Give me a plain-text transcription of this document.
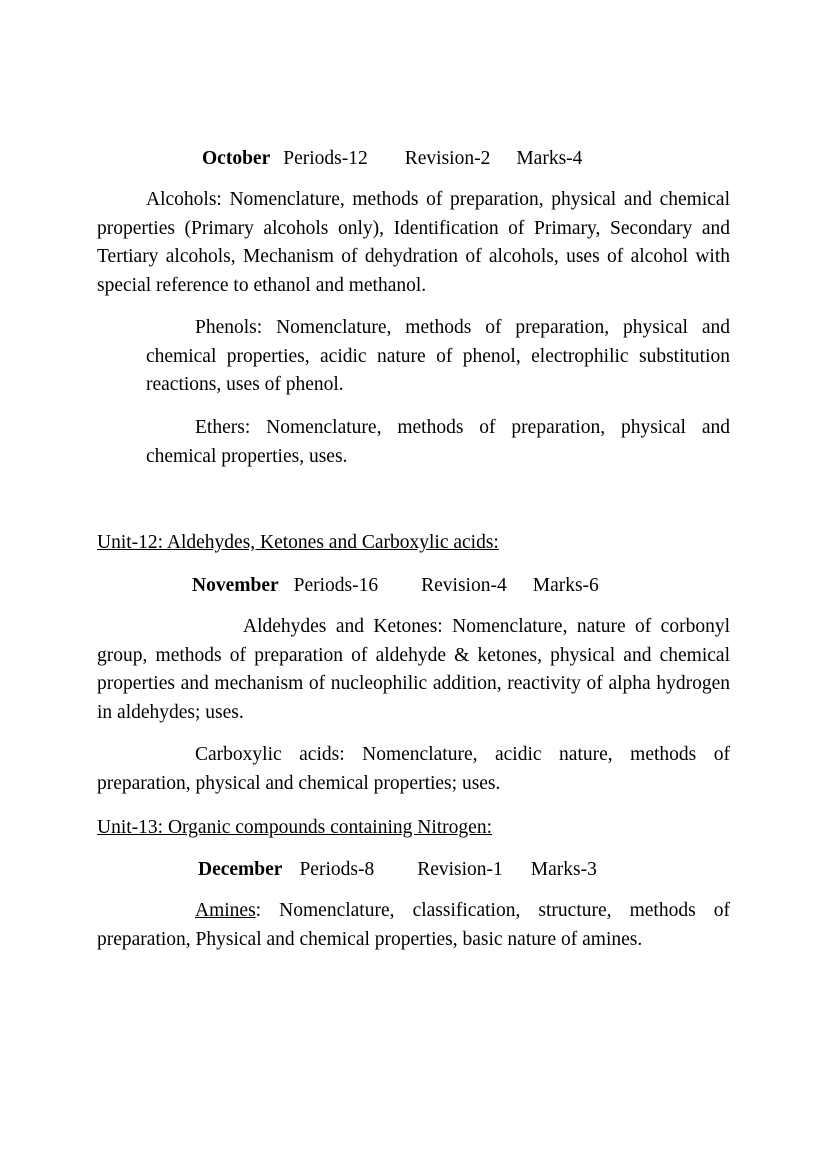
October Periods-12 Revision-2 Marks-4

Alcohols: Nomenclature, methods of preparation, physical and chemical properties (Primary alcohols only), Identification of Primary, Secondary and Tertiary alcohols, Mechanism of dehydration of alcohols, uses of alcohol with special reference to ethanol and methanol.

Phenols: Nomenclature, methods of preparation, physical and chemical properties, acidic nature of phenol, electrophilic substitution reactions, uses of phenol.

Ethers: Nomenclature, methods of preparation, physical and chemical properties, uses.

Unit-12: Aldehydes, Ketones and Carboxylic acids:
November Periods-16 Revision-4 Marks-6

Aldehydes and Ketones: Nomenclature, nature of corbonyl group, methods of preparation of aldehyde & ketones, physical and chemical properties and mechanism of nucleophilic addition, reactivity of alpha hydrogen in aldehydes; uses.

Carboxylic acids: Nomenclature, acidic nature, methods of preparation, physical and chemical properties; uses.

Unit-13: Organic compounds containing Nitrogen:
December Periods-8 Revision-1 Marks-3

Amines: Nomenclature, classification, structure, methods of preparation, Physical and chemical properties, basic nature of amines.
